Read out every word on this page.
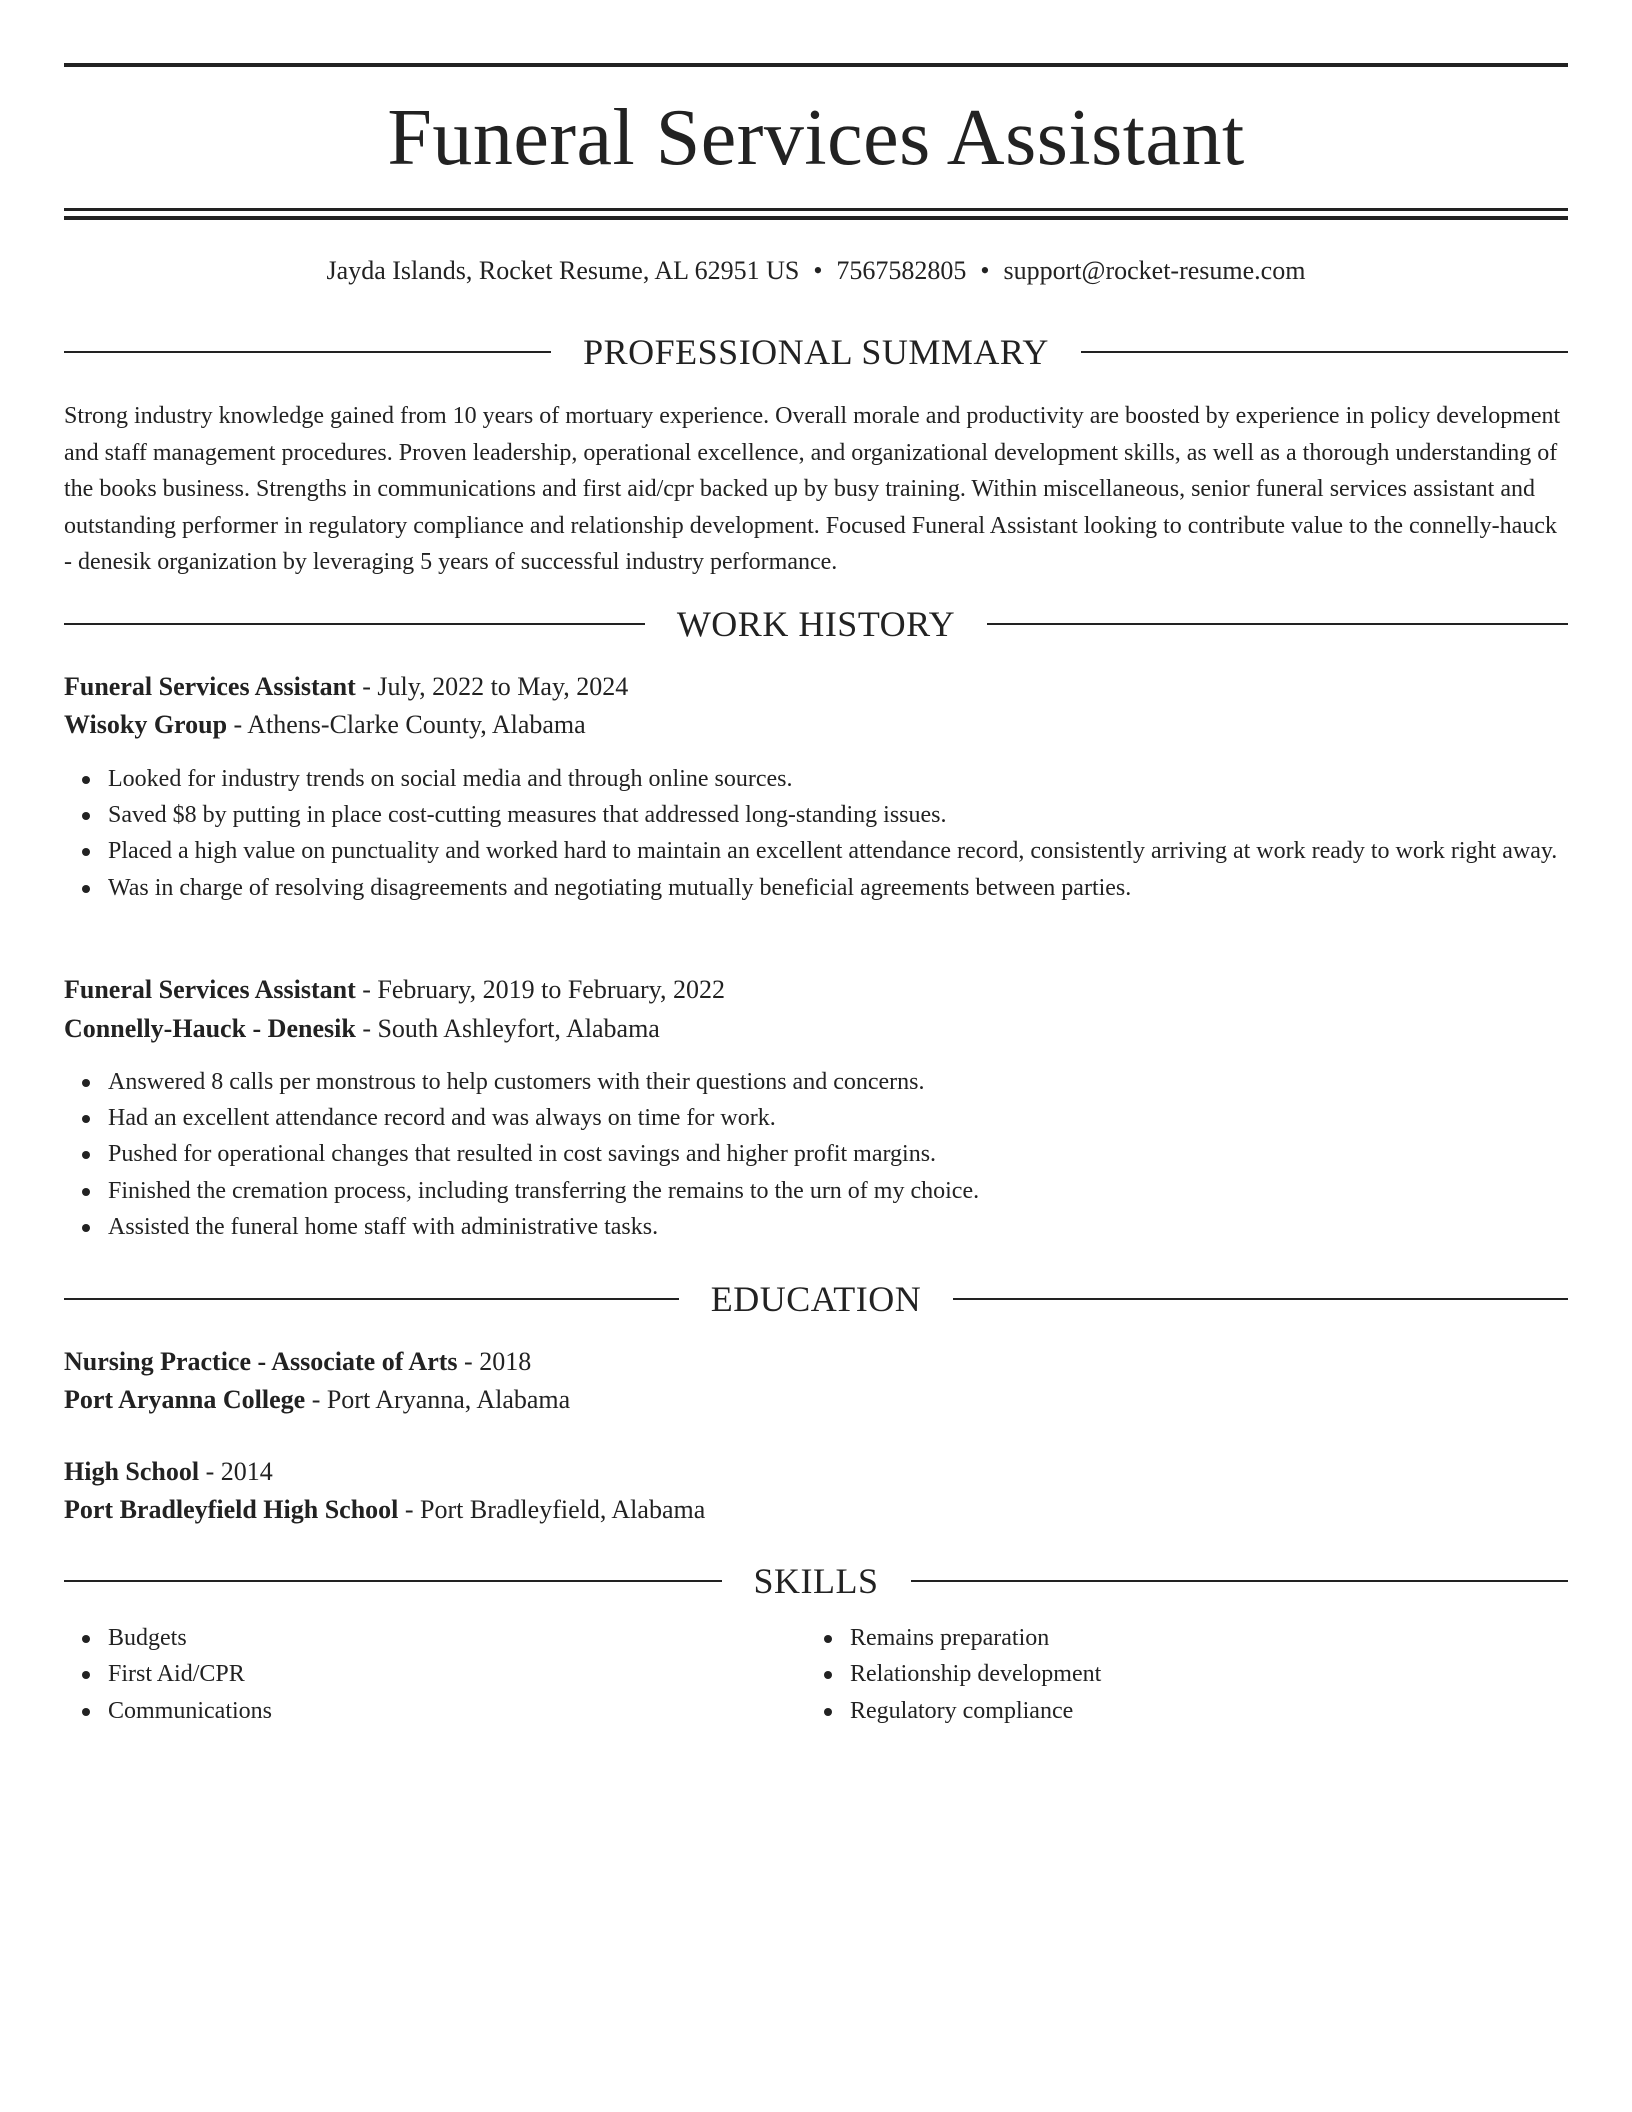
Funeral Services Assistant
Jayda Islands, Rocket Resume, AL 62951 US • 7567582805 • support@rocket-resume.com
PROFESSIONAL SUMMARY
Strong industry knowledge gained from 10 years of mortuary experience. Overall morale and productivity are boosted by experience in policy development and staff management procedures. Proven leadership, operational excellence, and organizational development skills, as well as a thorough understanding of the books business. Strengths in communications and first aid/cpr backed up by busy training. Within miscellaneous, senior funeral services assistant and outstanding performer in regulatory compliance and relationship development. Focused Funeral Assistant looking to contribute value to the connelly-hauck - denesik organization by leveraging 5 years of successful industry performance.
WORK HISTORY
Funeral Services Assistant - July, 2022 to May, 2024
Wisoky Group - Athens-Clarke County, Alabama
Looked for industry trends on social media and through online sources.
Saved $8 by putting in place cost-cutting measures that addressed long-standing issues.
Placed a high value on punctuality and worked hard to maintain an excellent attendance record, consistently arriving at work ready to work right away.
Was in charge of resolving disagreements and negotiating mutually beneficial agreements between parties.
Funeral Services Assistant - February, 2019 to February, 2022
Connelly-Hauck - Denesik - South Ashleyfort, Alabama
Answered 8 calls per monstrous to help customers with their questions and concerns.
Had an excellent attendance record and was always on time for work.
Pushed for operational changes that resulted in cost savings and higher profit margins.
Finished the cremation process, including transferring the remains to the urn of my choice.
Assisted the funeral home staff with administrative tasks.
EDUCATION
Nursing Practice - Associate of Arts - 2018
Port Aryanna College - Port Aryanna, Alabama
High School - 2014
Port Bradleyfield High School - Port Bradleyfield, Alabama
SKILLS
Budgets
First Aid/CPR
Communications
Remains preparation
Relationship development
Regulatory compliance
